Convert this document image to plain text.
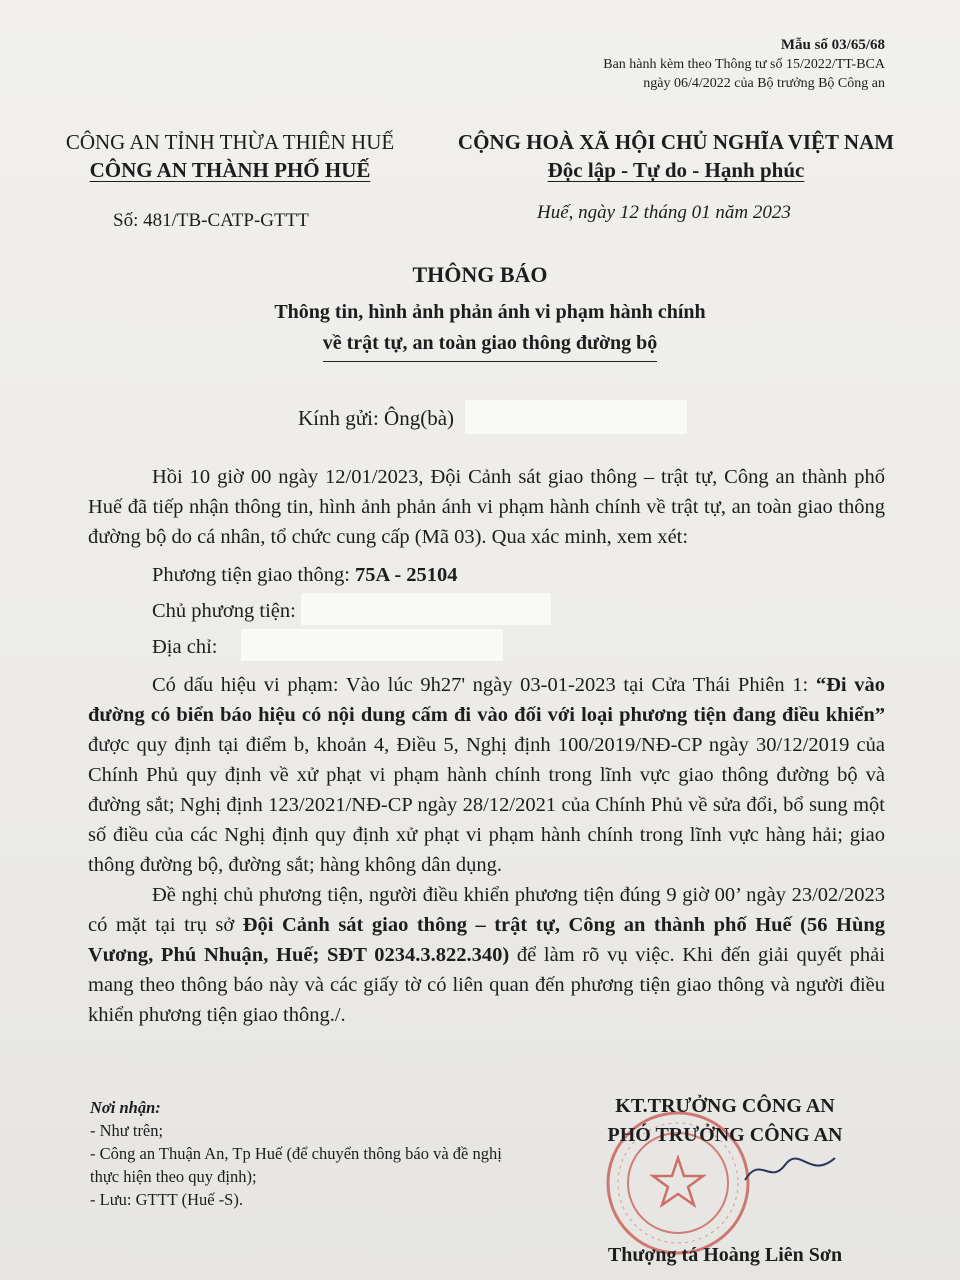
Mẫu số 03/65/68
Ban hành kèm theo Thông tư số 15/2022/TT-BCA
ngày 06/4/2022 của Bộ trưởng Bộ Công an
CÔNG AN TỈNH THỪA THIÊN HUẾ
CÔNG AN THÀNH PHỐ HUẾ
CỘNG HOÀ XÃ HỘI CHỦ NGHĨA VIỆT NAM
Độc lập - Tự do - Hạnh phúc
Số: 481/TB-CATP-GTTT	Huế, ngày 12 tháng 01 năm 2023
THÔNG BÁO
Thông tin, hình ảnh phản ánh vi phạm hành chính
về trật tự, an toàn giao thông đường bộ
Kính gửi: Ông(bà)

Hồi 10 giờ 00 ngày 12/01/2023, Đội Cảnh sát giao thông – trật tự, Công an thành phố Huế đã tiếp nhận thông tin, hình ảnh phản ánh vi phạm hành chính về trật tự, an toàn giao thông đường bộ do cá nhân, tổ chức cung cấp (Mã 03). Qua xác minh, xem xét:

Phương tiện giao thông: 75A - 25104
Chủ phương tiện:
Địa chỉ:

Có dấu hiệu vi phạm: Vào lúc 9h27' ngày 03-01-2023 tại Cửa Thái Phiên 1: “Đi vào đường có biển báo hiệu có nội dung cấm đi vào đối với loại phương tiện đang điều khiển” được quy định tại điểm b, khoản 4, Điều 5, Nghị định 100/2019/NĐ-CP ngày 30/12/2019 của Chính Phủ quy định về xử phạt vi phạm hành chính trong lĩnh vực giao thông đường bộ và đường sắt; Nghị định 123/2021/NĐ-CP ngày 28/12/2021 của Chính Phủ về sửa đổi, bổ sung một số điều của các Nghị định quy định xử phạt vi phạm hành chính trong lĩnh vực hàng hải; giao thông đường bộ, đường sắt; hàng không dân dụng.

Đề nghị chủ phương tiện, người điều khiển phương tiện đúng 9 giờ 00’ ngày 23/02/2023 có mặt tại trụ sở Đội Cảnh sát giao thông – trật tự, Công an thành phố Huế (56 Hùng Vương, Phú Nhuận, Huế; SĐT 0234.3.822.340) để làm rõ vụ việc. Khi đến giải quyết phải mang theo thông báo này và các giấy tờ có liên quan đến phương tiện giao thông và người điều khiển phương tiện giao thông./.

Nơi nhận:
- Như trên;
- Công an Thuận An, Tp Huế (để chuyển thông báo và đề nghị thực hiện theo quy định);
- Lưu: GTTT (Huế -S).
KT.TRƯỞNG CÔNG AN
PHÓ TRƯỞNG CÔNG AN
Thượng tá Hoàng Liên Sơn
